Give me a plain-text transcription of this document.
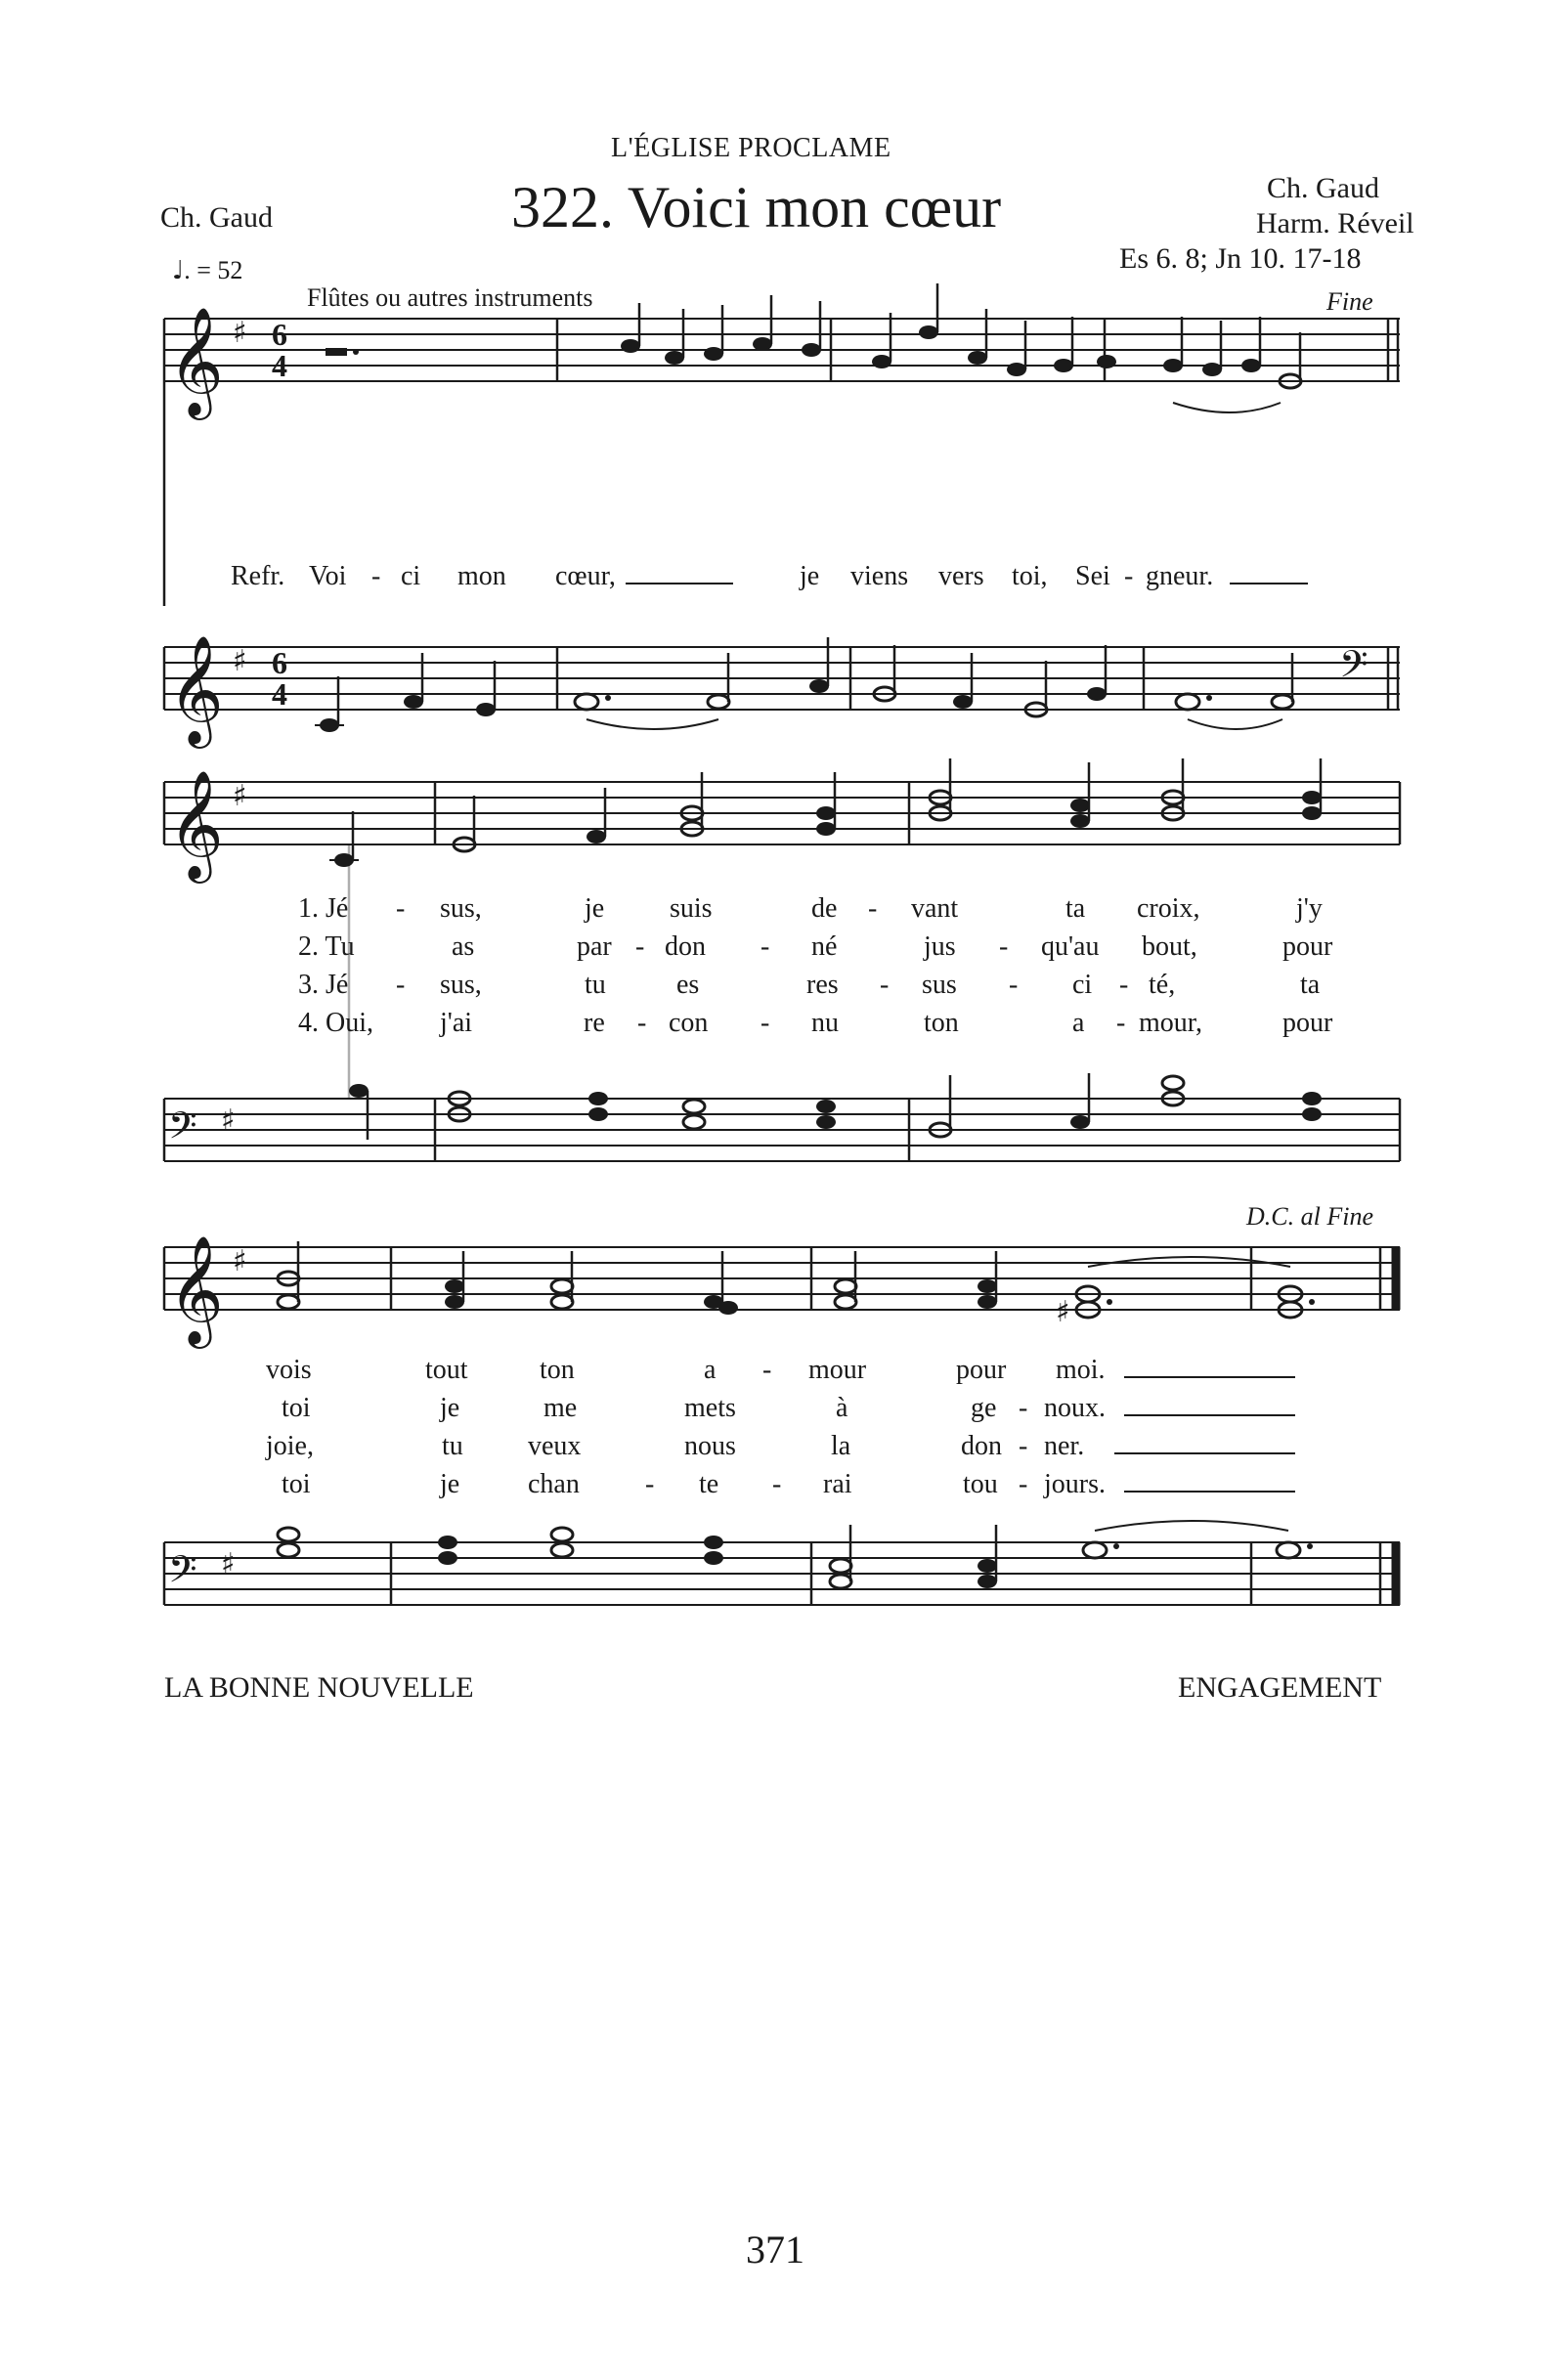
L'ÉGLISE PROCLAME
Ch. Gaud	322. Voici mon cœur	Ch. Gaud
Harm. Réveil
Es 6. 8; Jn 10. 17-18
♩. = 52
Flûtes ou autres instruments	Fine
𝄞 ♯ 6
4
𝄞 ♯ 6
4	𝄢
𝄞 ♯
𝄢 ♯
𝄞 ♯
𝄢 ♯
♯
Refr. Voi - ci mon cœur,	je viens vers toi, Sei - gneur.
1. Jé - sus,	je suis	de - vant	ta croix,	j'y
2. Tu	as	par - don - né	jus - qu'au bout,	pour
3. Jé - sus,	tu	es	res - sus - ci - té,	ta
4. Oui, j'ai	re - con - nu	ton	a - mour,	pour
D.C. al Fine
vois	tout	ton	a - mour	pour moi.
toi	je	me	mets	à	ge - noux.
joie,	tu veux	nous	la	don - ner.
toi	je chan - te - rai	tou - jours.
LA BONNE NOUVELLE	ENGAGEMENT
371
